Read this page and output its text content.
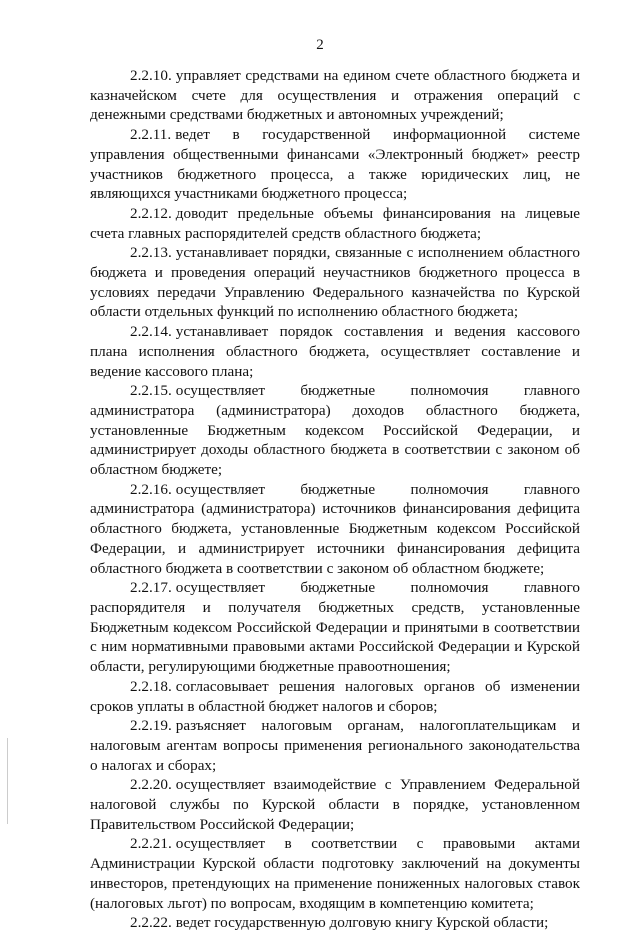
2

2.2.10. управляет средствами на едином счете областного бюджета и казначейском счете для осуществления и отражения операций с денежными средствами бюджетных и автономных учреждений;

2.2.11. ведет в государственной информационной системе управления общественными финансами «Электронный бюджет» реестр участников бюджетного процесса, а также юридических лиц, не являющихся участниками бюджетного процесса;

2.2.12. доводит предельные объемы финансирования на лицевые счета главных распорядителей средств областного бюджета;

2.2.13. устанавливает порядки, связанные с исполнением областного бюджета и проведения операций неучастников бюджетного процесса в условиях передачи Управлению Федерального казначейства по Курской области отдельных функций по исполнению областного бюджета;

2.2.14. устанавливает порядок составления и ведения кассового плана исполнения областного бюджета, осуществляет составление и ведение кассового плана;

2.2.15. осуществляет бюджетные полномочия главного администратора (администратора) доходов областного бюджета, установленные Бюджетным кодексом Российской Федерации, и администрирует доходы областного бюджета в соответствии с законом об областном бюджете;

2.2.16. осуществляет бюджетные полномочия главного администратора (администратора) источников финансирования дефицита областного бюджета, установленные Бюджетным кодексом Российской Федерации, и администрирует источники финансирования дефицита областного бюджета в соответствии с законом об областном бюджете;

2.2.17. осуществляет бюджетные полномочия главного распорядителя и получателя бюджетных средств, установленные Бюджетным кодексом Российской Федерации и принятыми в соответствии с ним нормативными правовыми актами Российской Федерации и Курской области, регулирующими бюджетные правоотношения;

2.2.18. согласовывает решения налоговых органов об изменении сроков уплаты в областной бюджет налогов и сборов;

2.2.19. разъясняет налоговым органам, налогоплательщикам и налоговым агентам вопросы применения регионального законодательства о налогах и сборах;

2.2.20. осуществляет взаимодействие с Управлением Федеральной налоговой службы по Курской области в порядке, установленном Правительством Российской Федерации;

2.2.21. осуществляет в соответствии с правовыми актами Администрации Курской области подготовку заключений на документы инвесторов, претендующих на применение пониженных налоговых ставок (налоговых льгот) по вопросам, входящим в компетенцию комитета;

2.2.22. ведет государственную долговую книгу Курской области;
